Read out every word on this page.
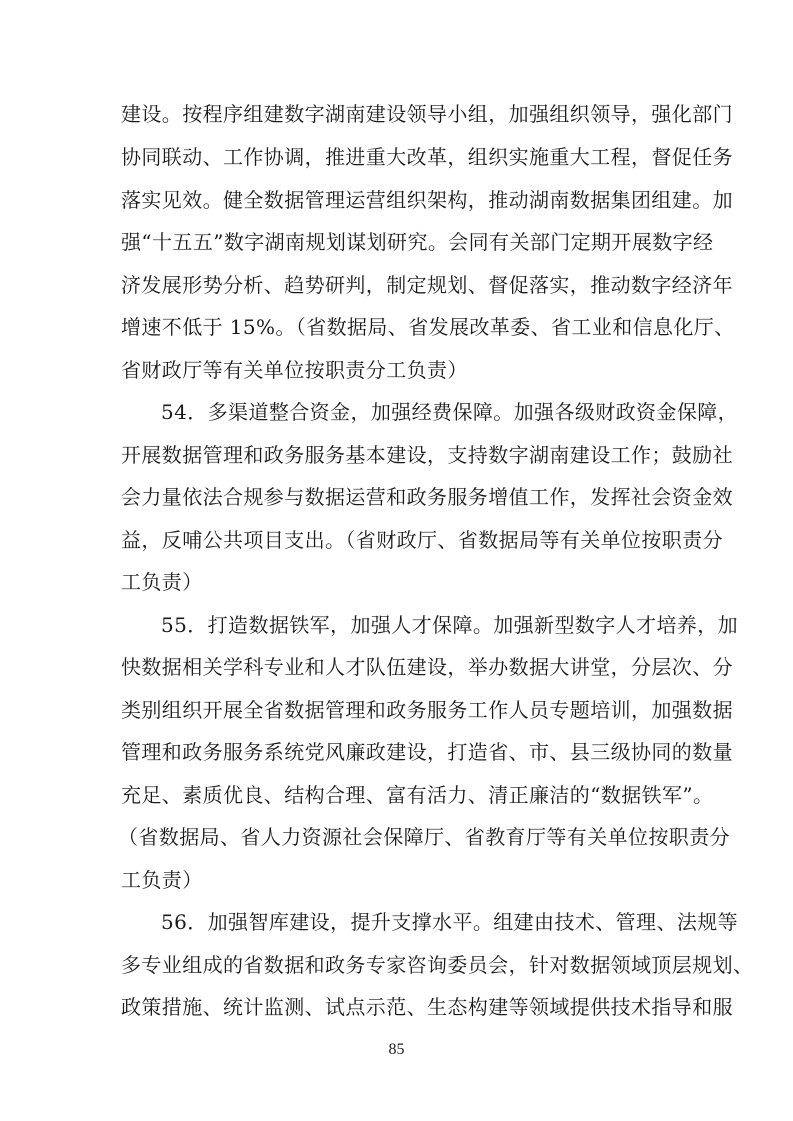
建设。按程序组建数字湖南建设领导小组，加强组织领导，强化部门
协同联动、工作协调，推进重大改革，组织实施重大工程，督促任务
落实见效。健全数据管理运营组织架构，推动湖南数据集团组建。加
强“十五五”数字湖南规划谋划研究。会同有关部门定期开展数字经
济发展形势分析、趋势研判，制定规划、督促落实，推动数字经济年
增速不低于 15%。（省数据局、省发展改革委、省工业和信息化厅、
省财政厅等有关单位按职责分工负责）
54．多渠道整合资金，加强经费保障。加强各级财政资金保障，
开展数据管理和政务服务基本建设，支持数字湖南建设工作；鼓励社
会力量依法合规参与数据运营和政务服务增值工作，发挥社会资金效
益，反哺公共项目支出。（省财政厅、省数据局等有关单位按职责分
工负责）
55．打造数据铁军，加强人才保障。加强新型数字人才培养，加
快数据相关学科专业和人才队伍建设，举办数据大讲堂，分层次、分
类别组织开展全省数据管理和政务服务工作人员专题培训，加强数据
管理和政务服务系统党风廉政建设，打造省、市、县三级协同的数量
充足、素质优良、结构合理、富有活力、清正廉洁的“数据铁军”。
（省数据局、省人力资源社会保障厅、省教育厅等有关单位按职责分
工负责）
56．加强智库建设，提升支撑水平。组建由技术、管理、法规等
多专业组成的省数据和政务专家咨询委员会，针对数据领域顶层规划、
政策措施、统计监测、试点示范、生态构建等领域提供技术指导和服
85
